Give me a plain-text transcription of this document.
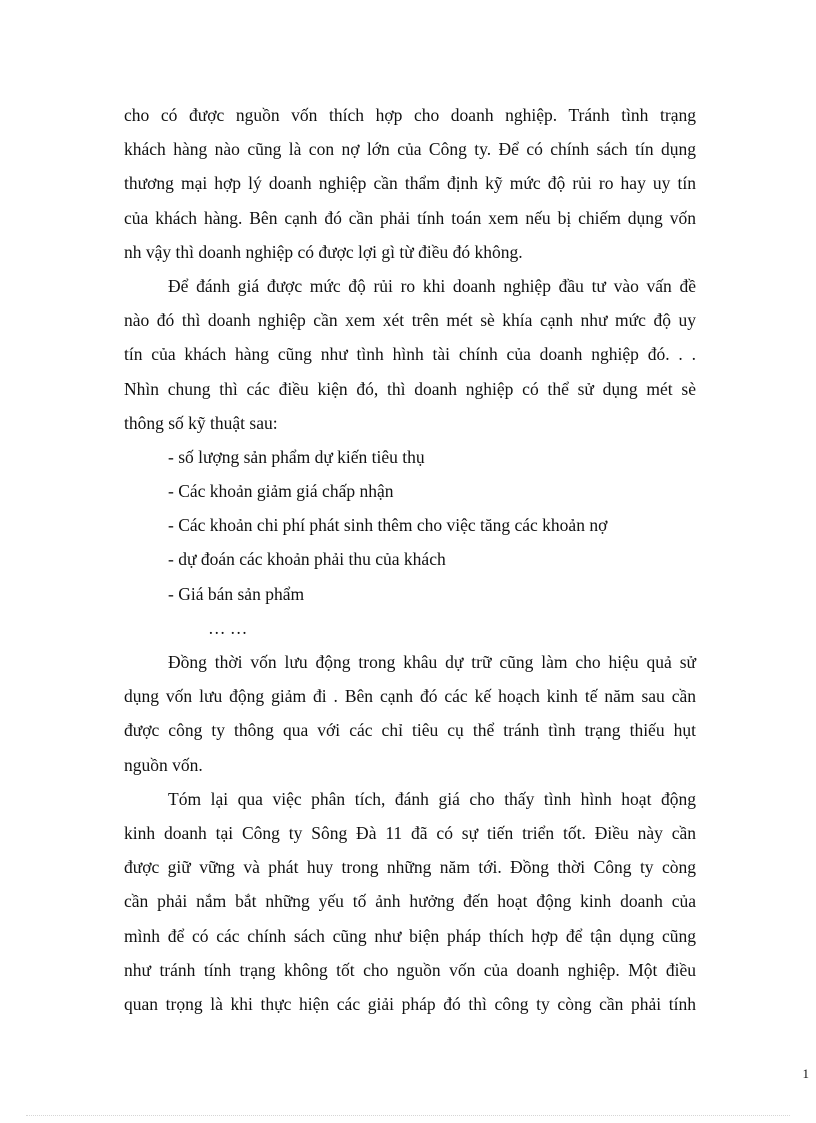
cho có được nguồn vốn thích hợp cho doanh nghiệp. Tránh tình trạng
khách hàng nào cũng là con nợ lớn của Công ty. Để có chính sách tín dụng
thương mại hợp lý doanh nghiệp cần thẩm định kỹ mức độ rủi ro hay uy tín
của khách hàng. Bên cạnh đó cần phải tính toán xem nếu bị chiếm dụng vốn
nh vậy thì doanh nghiệp có được lợi gì từ điều đó không.
Để đánh giá được mức độ rủi ro khi doanh nghiệp đầu tư vào vấn đề
nào đó thì doanh nghiệp cần xem xét trên mét sè khía cạnh như mức độ uy
tín của khách hàng cũng như tình hình tài chính của doanh nghiệp đó. . .
Nhìn chung thì các điều kiện đó, thì doanh nghiệp có thể sử dụng mét sè
thông số kỹ thuật sau:
- số lượng sản phẩm dự kiến tiêu thụ
- Các khoản giảm giá chấp nhận
- Các khoản chi phí phát sinh thêm cho việc tăng các khoản nợ
- dự đoán các khoản phải thu của khách
- Giá bán sản phẩm
… …
Đồng thời vốn lưu động trong khâu dự trữ cũng làm cho hiệu quả sử
dụng vốn lưu động giảm đi . Bên cạnh đó các kế hoạch kinh tế năm sau cần
được công ty thông qua với các chỉ tiêu cụ thể tránh tình trạng thiếu hụt
nguồn vốn.
Tóm lại qua việc phân tích, đánh giá cho thấy tình hình hoạt động
kinh doanh tại Công ty Sông Đà 11 đã có sự tiến triển tốt. Điều này cần
được giữ vững và phát huy trong những năm tới. Đồng thời Công ty còng
cần phải nắm bắt những yếu tố ảnh hưởng đến hoạt động kinh doanh của
mình để có các chính sách cũng như biện pháp thích hợp để tận dụng cũng
như tránh tính trạng không tốt cho nguồn vốn của doanh nghiệp. Một điều
quan trọng là khi thực hiện các giải pháp đó thì công ty còng cần phải tính
1
